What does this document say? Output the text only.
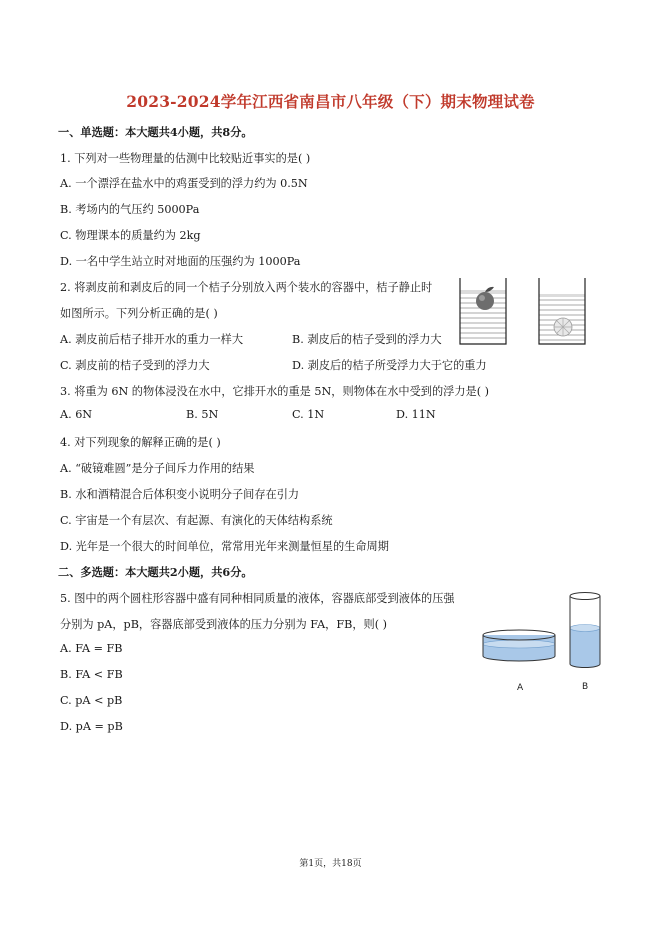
2023-2024学年江西省南昌市八年级（下）期末物理试卷
一、单选题：本大题共4小题，共8分。
1. 下列对一些物理量的估测中比较贴近事实的是( )
A. 一个漂浮在盐水中的鸡蛋受到的浮力约为 0.5N
B. 考场内的气压约 5000Pa
C. 物理课本的质量约为 2kg
D. 一名中学生站立时对地面的压强约为 1000Pa
2. 将剥皮前和剥皮后的同一个桔子分别放入两个装水的容器中，桔子静止时
如图所示。下列分析正确的是( )
A. 剥皮前后桔子排开水的重力一样大	B. 剥皮后的桔子受到的浮力大
C. 剥皮前的桔子受到的浮力大	D. 剥皮后的桔子所受浮力大于它的重力
3. 将重为 6N 的物体浸没在水中，它排开水的重是 5N，则物体在水中受到的浮力是( )
A. 6N	B. 5N	C. 1N	D. 11N
4. 对下列现象的解释正确的是( )
A. “破镜难圆”是分子间斥力作用的结果
B. 水和酒精混合后体积变小说明分子间存在引力
C. 宇宙是一个有层次、有起源、有演化的天体结构系统
D. 光年是一个很大的时间单位，常常用光年来测量恒星的生命周期
二、多选题：本大题共2小题，共6分。
5. 图中的两个圆柱形容器中盛有同种相同质量的液体，容器底部受到液体的压强
分别为 pA，pB，容器底部受到液体的压力分别为 FA，FB，则( )
A. FA = FB
B. FA < FB
C. pA < pB
D. pA = pB
A	B
第1页，共18页
